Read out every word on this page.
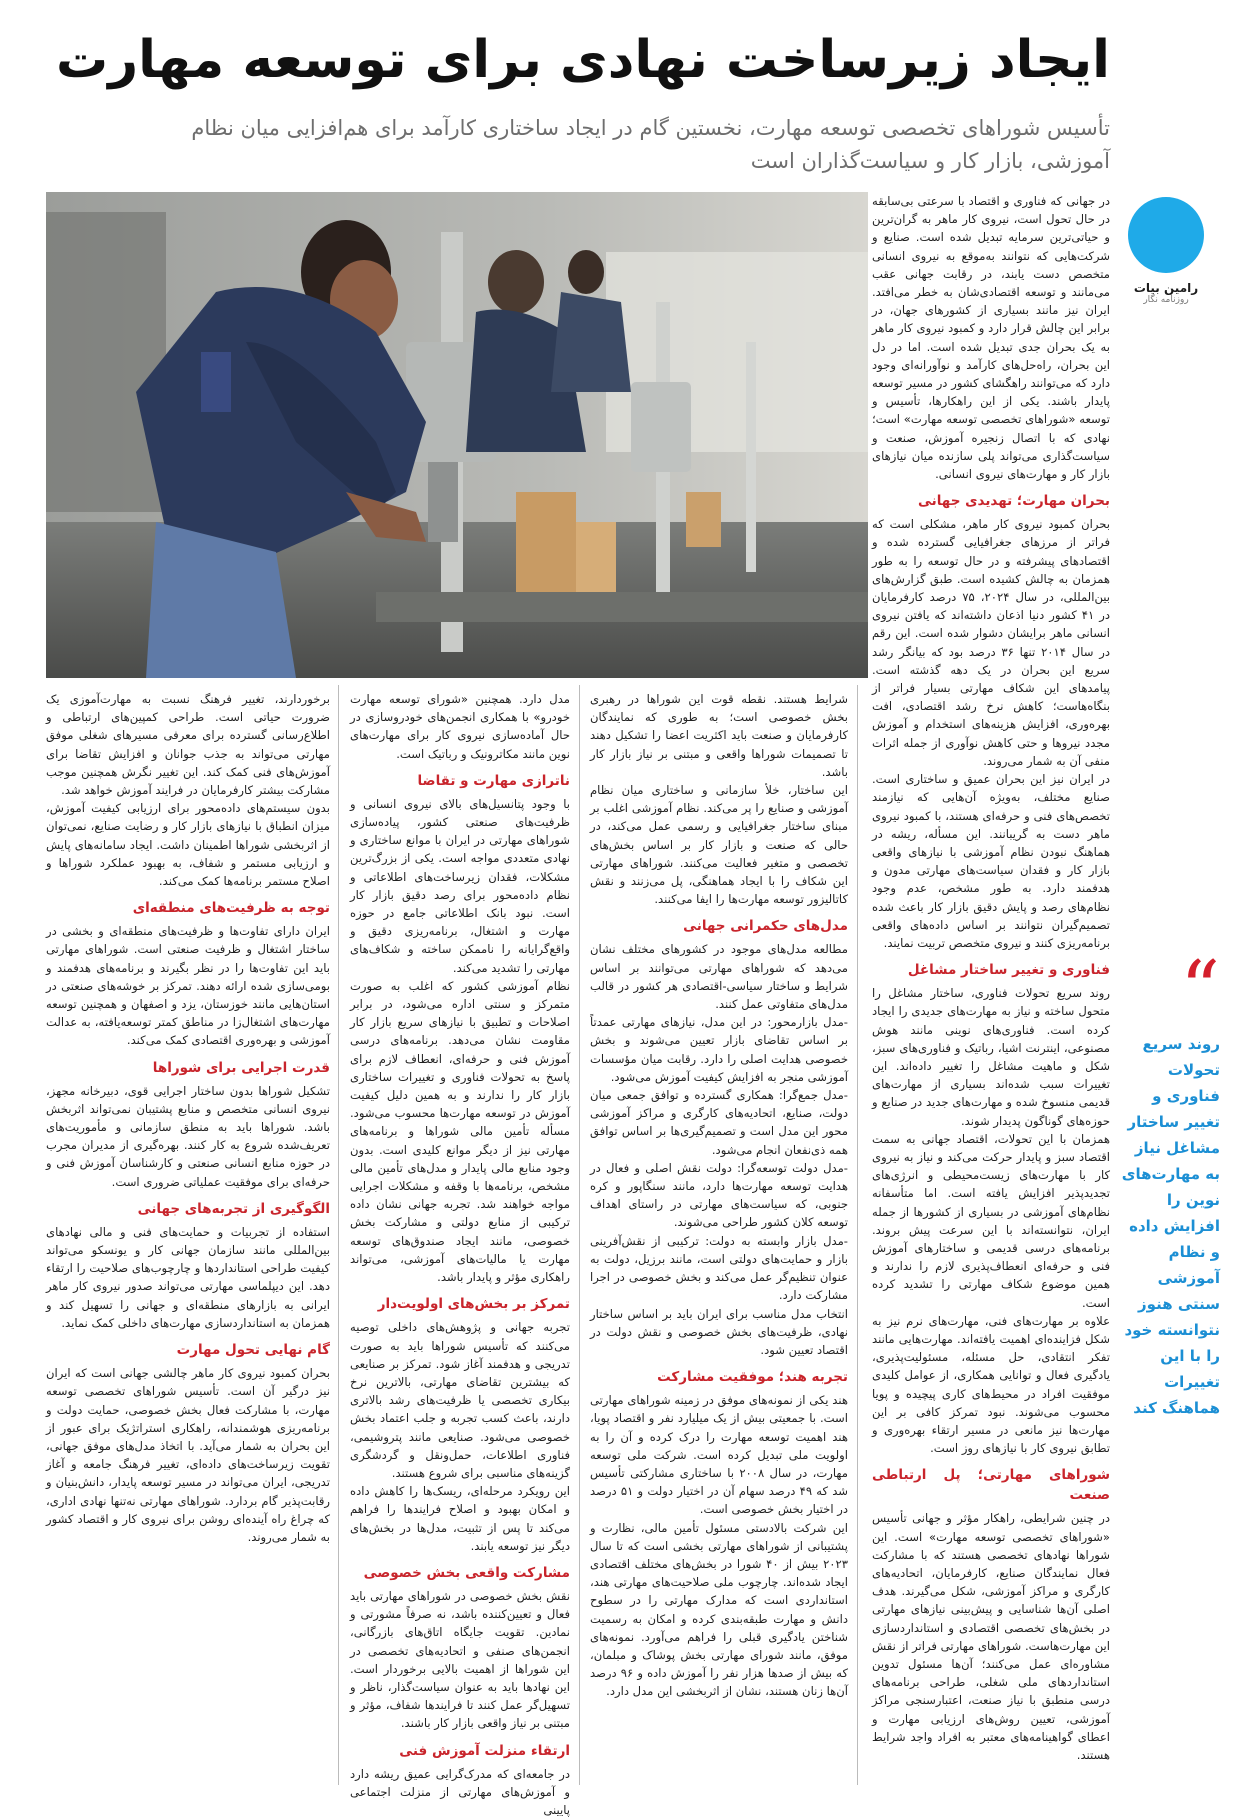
ایجاد زیرساخت نهادی برای توسعه مهارت
تأسیس شوراهای تخصصی توسعه مهارت، نخستین گام در ایجاد ساختاری کارآمد برای هم‌افزایی میان نظام آموزشی، بازار کار و سیاست‌گذاران است
رامین بیات
روزنامه نگار
“
روند سریع تحولات فناوری و تغییر ساختار مشاغل نیاز به مهارت‌های نوین را افزایش داده و نظام آموزشی سنتی هنوز نتوانسته خود را با این تغییرات هماهنگ کند

در جهانی که فناوری و اقتصاد با سرعتی بی‌سابقه در حال تحول است، نیروی کار ماهر به گران‌ترین و حیاتی‌ترین سرمایه تبدیل شده است. صنایع و شرکت‌هایی که نتوانند به‌موقع به نیروی انسانی متخصص دست یابند، در رقابت جهانی عقب می‌مانند و توسعه اقتصادی‌شان به خطر می‌افتد. ایران نیز مانند بسیاری از کشورهای جهان، در برابر این چالش قرار دارد و کمبود نیروی کار ماهر به یک بحران جدی تبدیل شده است. اما در دل این بحران، راه‌حل‌های کارآمد و نوآورانه‌ای وجود دارد که می‌توانند راهگشای کشور در مسیر توسعه پایدار باشند. یکی از این راهکارها، تأسیس و توسعه «شوراهای تخصصی توسعه مهارت» است؛ نهادی که با اتصال زنجیره آموزش، صنعت و سیاست‌گذاری می‌تواند پلی سازنده میان نیازهای بازار کار و مهارت‌های نیروی انسانی.

بحران مهارت؛ تهدیدی جهانی

بحران کمبود نیروی کار ماهر، مشکلی است که فراتر از مرزهای جغرافیایی گسترده شده و اقتصادهای پیشرفته و در حال توسعه را به طور همزمان به چالش کشیده است. طبق گزارش‌های بین‌المللی، در سال ۲۰۲۴، ۷۵ درصد کارفرمایان در ۴۱ کشور دنیا اذعان داشته‌اند که یافتن نیروی انسانی ماهر برایشان دشوار شده است. این رقم در سال ۲۰۱۴ تنها ۳۶ درصد بود که بیانگر رشد سریع این بحران در یک دهه گذشته است. پیامدهای این شکاف مهارتی بسیار فراتر از بنگاه‌هاست؛ کاهش نرخ رشد اقتصادی، افت بهره‌وری، افزایش هزینه‌های استخدام و آموزش مجدد نیروها و حتی کاهش نوآوری از جمله اثرات منفی آن به شمار می‌روند.

در ایران نیز این بحران عمیق و ساختاری است. صنایع مختلف، به‌ویژه آن‌هایی که نیازمند تخصص‌های فنی و حرفه‌ای هستند، با کمبود نیروی ماهر دست به گریبانند. این مسأله، ریشه در هماهنگ نبودن نظام آموزشی با نیازهای واقعی بازار کار و فقدان سیاست‌های مهارتی مدون و هدفمند دارد. به طور مشخص، عدم وجود نظام‌های رصد و پایش دقیق بازار کار باعث شده تصمیم‌گیران نتوانند بر اساس داده‌های واقعی برنامه‌ریزی کنند و نیروی متخصص تربیت نمایند.

فناوری و تغییر ساختار مشاغل

روند سریع تحولات فناوری، ساختار مشاغل را متحول ساخته و نیاز به مهارت‌های جدیدی را ایجاد کرده است. فناوری‌های نوینی مانند هوش مصنوعی، اینترنت اشیا، رباتیک و فناوری‌های سبز، شکل و ماهیت مشاغل را تغییر داده‌اند. این تغییرات سبب شده‌اند بسیاری از مهارت‌های قدیمی منسوخ شده و مهارت‌های جدید در صنایع و حوزه‌های گوناگون پدیدار شوند.

همزمان با این تحولات، اقتصاد جهانی به سمت اقتصاد سبز و پایدار حرکت می‌کند و نیاز به نیروی کار با مهارت‌های زیست‌محیطی و انرژی‌های تجدیدپذیر افزایش یافته است. اما متأسفانه نظام‌های آموزشی در بسیاری از کشورها از جمله ایران، نتوانسته‌اند با این سرعت پیش بروند. برنامه‌های درسی قدیمی و ساختارهای آموزش فنی و حرفه‌ای انعطاف‌پذیری لازم را ندارند و همین موضوع شکاف مهارتی را تشدید کرده است.

علاوه بر مهارت‌های فنی، مهارت‌های نرم نیز به شکل فزاینده‌ای اهمیت یافته‌اند. مهارت‌هایی مانند تفکر انتقادی، حل مسئله، مسئولیت‌پذیری، یادگیری فعال و توانایی همکاری، از عوامل کلیدی موفقیت افراد در محیط‌های کاری پیچیده و پویا محسوب می‌شوند. نبود تمرکز کافی بر این مهارت‌ها نیز مانعی در مسیر ارتقاء بهره‌وری و تطابق نیروی کار با نیازهای روز است.

شوراهای مهارتی؛ پل ارتباطی صنعت

در چنین شرایطی، راهکار مؤثر و جهانی تأسیس «شوراهای تخصصی توسعه مهارت» است. این شوراها نهادهای تخصصی هستند که با مشارکت فعال نمایندگان صنایع، کارفرمایان، اتحادیه‌های کارگری و مراکز آموزشی، شکل می‌گیرند. هدف اصلی آن‌ها شناسایی و پیش‌بینی نیازهای مهارتی در بخش‌های تخصصی اقتصادی و استانداردسازی این مهارت‌هاست. شوراهای مهارتی فراتر از نقش مشاوره‌ای عمل می‌کنند؛ آن‌ها مسئول تدوین استانداردهای ملی شغلی، طراحی برنامه‌های درسی منطبق با نیاز صنعت، اعتبارسنجی مراکز آموزشی، تعیین روش‌های ارزیابی مهارت و اعطای گواهینامه‌های معتبر به افراد واجد شرایط هستند.

شرایط هستند. نقطه قوت این شوراها در رهبری بخش خصوصی است؛ به طوری که نمایندگان کارفرمایان و صنعت باید اکثریت اعضا را تشکیل دهند تا تصمیمات شوراها واقعی و مبتنی بر نیاز بازار کار باشد.

این ساختار، خلأ سازمانی و ساختاری میان نظام آموزشی و صنایع را پر می‌کند. نظام آموزشی اغلب بر مبنای ساختار جغرافیایی و رسمی عمل می‌کند، در حالی که صنعت و بازار کار بر اساس بخش‌های تخصصی و متغیر فعالیت می‌کنند. شوراهای مهارتی این شکاف را با ایجاد هماهنگی، پل می‌زنند و نقش کاتالیزور توسعه مهارت‌ها را ایفا می‌کنند.

مدل‌های حکمرانی جهانی

مطالعه مدل‌های موجود در کشورهای مختلف نشان می‌دهد که شوراهای مهارتی می‌توانند بر اساس شرایط و ساختار سیاسی-اقتصادی هر کشور در قالب مدل‌های متفاوتی عمل کنند.

-مدل بازارمحور: در این مدل، نیازهای مهارتی عمدتاً بر اساس تقاضای بازار تعیین می‌شوند و بخش خصوصی هدایت اصلی را دارد. رقابت میان مؤسسات آموزشی منجر به افزایش کیفیت آموزش می‌شود.

-مدل جمع‌گرا: همکاری گسترده و توافق جمعی میان دولت، صنایع، اتحادیه‌های کارگری و مراکز آموزشی محور این مدل است و تصمیم‌گیری‌ها بر اساس توافق همه ذی‌نفعان انجام می‌شود.

-مدل دولت توسعه‌گرا: دولت نقش اصلی و فعال در هدایت توسعه مهارت‌ها دارد، مانند سنگاپور و کره جنوبی، که سیاست‌های مهارتی در راستای اهداف توسعه کلان کشور طراحی می‌شوند.

-مدل بازار وابسته به دولت: ترکیبی از نقش‌آفرینی بازار و حمایت‌های دولتی است، مانند برزیل، دولت به عنوان تنظیم‌گر عمل می‌کند و بخش خصوصی در اجرا مشارکت دارد.

انتخاب مدل مناسب برای ایران باید بر اساس ساختار نهادی، ظرفیت‌های بخش خصوصی و نقش دولت در اقتصاد تعیین شود.

تجربه هند؛ موفقیت مشارکت

هند یکی از نمونه‌های موفق در زمینه شوراهای مهارتی است. با جمعیتی بیش از یک میلیارد نفر و اقتصاد پویا، هند اهمیت توسعه مهارت را درک کرده و آن را به اولویت ملی تبدیل کرده است. شرکت ملی توسعه مهارت، در سال ۲۰۰۸ با ساختاری مشارکتی تأسیس شد که ۴۹ درصد سهام آن در اختیار دولت و ۵۱ درصد در اختیار بخش خصوصی است.

این شرکت بالادستی مسئول تأمین مالی، نظارت و پشتیبانی از شوراهای مهارتی بخشی است که تا سال ۲۰۲۳ بیش از ۴۰ شورا در بخش‌های مختلف اقتصادی ایجاد شده‌اند. چارچوب ملی صلاحیت‌های مهارتی هند، استانداردی است که مدارک مهارتی را در سطوح دانش و مهارت طبقه‌بندی کرده و امکان به رسمیت شناختن یادگیری قبلی را فراهم می‌آورد. نمونه‌های موفق، مانند شورای مهارتی بخش پوشاک و مبلمان، که بیش از صدها هزار نفر را آموزش داده و ۹۶ درصد آن‌ها زنان هستند، نشان از اثربخشی این مدل دارد.

مدل دارد. همچنین «شورای توسعه مهارت خودرو» با همکاری انجمن‌های خودروسازی در حال آماده‌سازی نیروی کار برای مهارت‌های نوین مانند مکاترونیک و رباتیک است.

ناترازی مهارت و تقاضا

با وجود پتانسیل‌های بالای نیروی انسانی و ظرفیت‌های صنعتی کشور، پیاده‌سازی شوراهای مهارتی در ایران با موانع ساختاری و نهادی متعددی مواجه است. یکی از بزرگ‌ترین مشکلات، فقدان زیرساخت‌های اطلاعاتی و نظام داده‌محور برای رصد دقیق بازار کار است. نبود بانک اطلاعاتی جامع در حوزه مهارت و اشتغال، برنامه‌ریزی دقیق و واقع‌گرایانه را ناممکن ساخته و شکاف‌های مهارتی را تشدید می‌کند.

نظام آموزشی کشور که اغلب به صورت متمرکز و سنتی اداره می‌شود، در برابر اصلاحات و تطبیق با نیازهای سریع بازار کار مقاومت نشان می‌دهد. برنامه‌های درسی آموزش فنی و حرفه‌ای، انعطاف لازم برای پاسخ به تحولات فناوری و تغییرات ساختاری بازار کار را ندارند و به همین دلیل کیفیت آموزش در توسعه مهارت‌ها محسوب می‌شود. مسأله تأمین مالی شوراها و برنامه‌های مهارتی نیز از دیگر موانع کلیدی است. بدون وجود منابع مالی پایدار و مدل‌های تأمین مالی مشخص، برنامه‌ها با وقفه و مشکلات اجرایی مواجه خواهند شد. تجربه جهانی نشان داده ترکیبی از منابع دولتی و مشارکت بخش خصوصی، مانند ایجاد صندوق‌های توسعه مهارت یا مالیات‌های آموزشی، می‌تواند راهکاری مؤثر و پایدار باشد.

تمرکز بر بخش‌های اولویت‌دار

تجربه جهانی و پژوهش‌های داخلی توصیه می‌کنند که تأسیس شوراها باید به صورت تدریجی و هدفمند آغاز شود. تمرکز بر صنایعی که بیشترین تقاضای مهارتی، بالاترین نرخ بیکاری تخصصی یا ظرفیت‌های رشد بالاتری دارند، باعث کسب تجربه و جلب اعتماد بخش خصوصی می‌شود. صنایعی مانند پتروشیمی، فناوری اطلاعات، حمل‌ونقل و گردشگری گزینه‌های مناسبی برای شروع هستند.

این رویکرد مرحله‌ای، ریسک‌ها را کاهش داده و امکان بهبود و اصلاح فرایندها را فراهم می‌کند تا پس از تثبیت، مدل‌ها در بخش‌های دیگر نیز توسعه یابند.

مشارکت واقعی بخش خصوصی

نقش بخش خصوصی در شوراهای مهارتی باید فعال و تعیین‌کننده باشد، نه صرفاً مشورتی و نمادین. تقویت جایگاه اتاق‌های بازرگانی، انجمن‌های صنفی و اتحادیه‌های تخصصی در این شوراها از اهمیت بالایی برخوردار است. این نهادها باید به عنوان سیاست‌گذار، ناظر و تسهیل‌گر عمل کنند تا فرایندها شفاف، مؤثر و مبتنی بر نیاز واقعی بازار کار باشند.

ارتقاء منزلت آموزش فنی

در جامعه‌ای که مدرک‌گرایی عمیق ریشه دارد و آموزش‌های مهارتی از منزلت اجتماعی پایینی

برخوردارند، تغییر فرهنگ نسبت به مهارت‌آموزی یک ضرورت حیاتی است. طراحی کمپین‌های ارتباطی و اطلاع‌رسانی گسترده برای معرفی مسیرهای شغلی موفق مهارتی می‌تواند به جذب جوانان و افزایش تقاضا برای آموزش‌های فنی کمک کند. این تغییر نگرش همچنین موجب مشارکت بیشتر کارفرمایان در فرایند آموزش خواهد شد.

بدون سیستم‌های داده‌محور برای ارزیابی کیفیت آموزش، میزان انطباق با نیازهای بازار کار و رضایت صنایع، نمی‌توان از اثربخشی شوراها اطمینان داشت. ایجاد سامانه‌های پایش و ارزیابی مستمر و شفاف، به بهبود عملکرد شوراها و اصلاح مستمر برنامه‌ها کمک می‌کند.

توجه به ظرفیت‌های منطقه‌ای

ایران دارای تفاوت‌ها و ظرفیت‌های منطقه‌ای و بخشی در ساختار اشتغال و ظرفیت صنعتی است. شوراهای مهارتی باید این تفاوت‌ها را در نظر بگیرند و برنامه‌های هدفمند و بومی‌سازی شده ارائه دهند. تمرکز بر خوشه‌های صنعتی در استان‌هایی مانند خوزستان، یزد و اصفهان و همچنین توسعه مهارت‌های اشتغال‌زا در مناطق کمتر توسعه‌یافته، به عدالت آموزشی و بهره‌وری اقتصادی کمک می‌کند.

قدرت اجرایی برای شوراها

تشکیل شوراها بدون ساختار اجرایی قوی، دبیرخانه مجهز، نیروی انسانی متخصص و منابع پشتیبان نمی‌تواند اثربخش باشد. شوراها باید به منطق سازمانی و مأموریت‌های تعریف‌شده شروع به کار کنند. بهره‌گیری از مدیران مجرب در حوزه منابع انسانی صنعتی و کارشناسان آموزش فنی و حرفه‌ای برای موفقیت عملیاتی ضروری است.

الگوگیری از تجربه‌های جهانی

استفاده از تجربیات و حمایت‌های فنی و مالی نهادهای بین‌المللی مانند سازمان جهانی کار و یونسکو می‌تواند کیفیت طراحی استانداردها و چارچوب‌های صلاحیت را ارتقاء دهد. این دیپلماسی مهارتی می‌تواند صدور نیروی کار ماهر ایرانی به بازارهای منطقه‌ای و جهانی را تسهیل کند و همزمان به استانداردسازی مهارت‌های داخلی کمک نماید.

گام نهایی تحول مهارت

بحران کمبود نیروی کار ماهر چالشی جهانی است که ایران نیز درگیر آن است. تأسیس شوراهای تخصصی توسعه مهارت، با مشارکت فعال بخش خصوصی، حمایت دولت و برنامه‌ریزی هوشمندانه، راهکاری استراتژیک برای عبور از این بحران به شمار می‌آید. با اتخاذ مدل‌های موفق جهانی، تقویت زیرساخت‌های داده‌ای، تغییر فرهنگ جامعه و آغاز تدریجی، ایران می‌تواند در مسیر توسعه پایدار، دانش‌بنیان و رقابت‌پذیر گام بردارد. شوراهای مهارتی نه‌تنها نهادی اداری، که چراغ راه آینده‌ای روشن برای نیروی کار و اقتصاد کشور به شمار می‌روند.
